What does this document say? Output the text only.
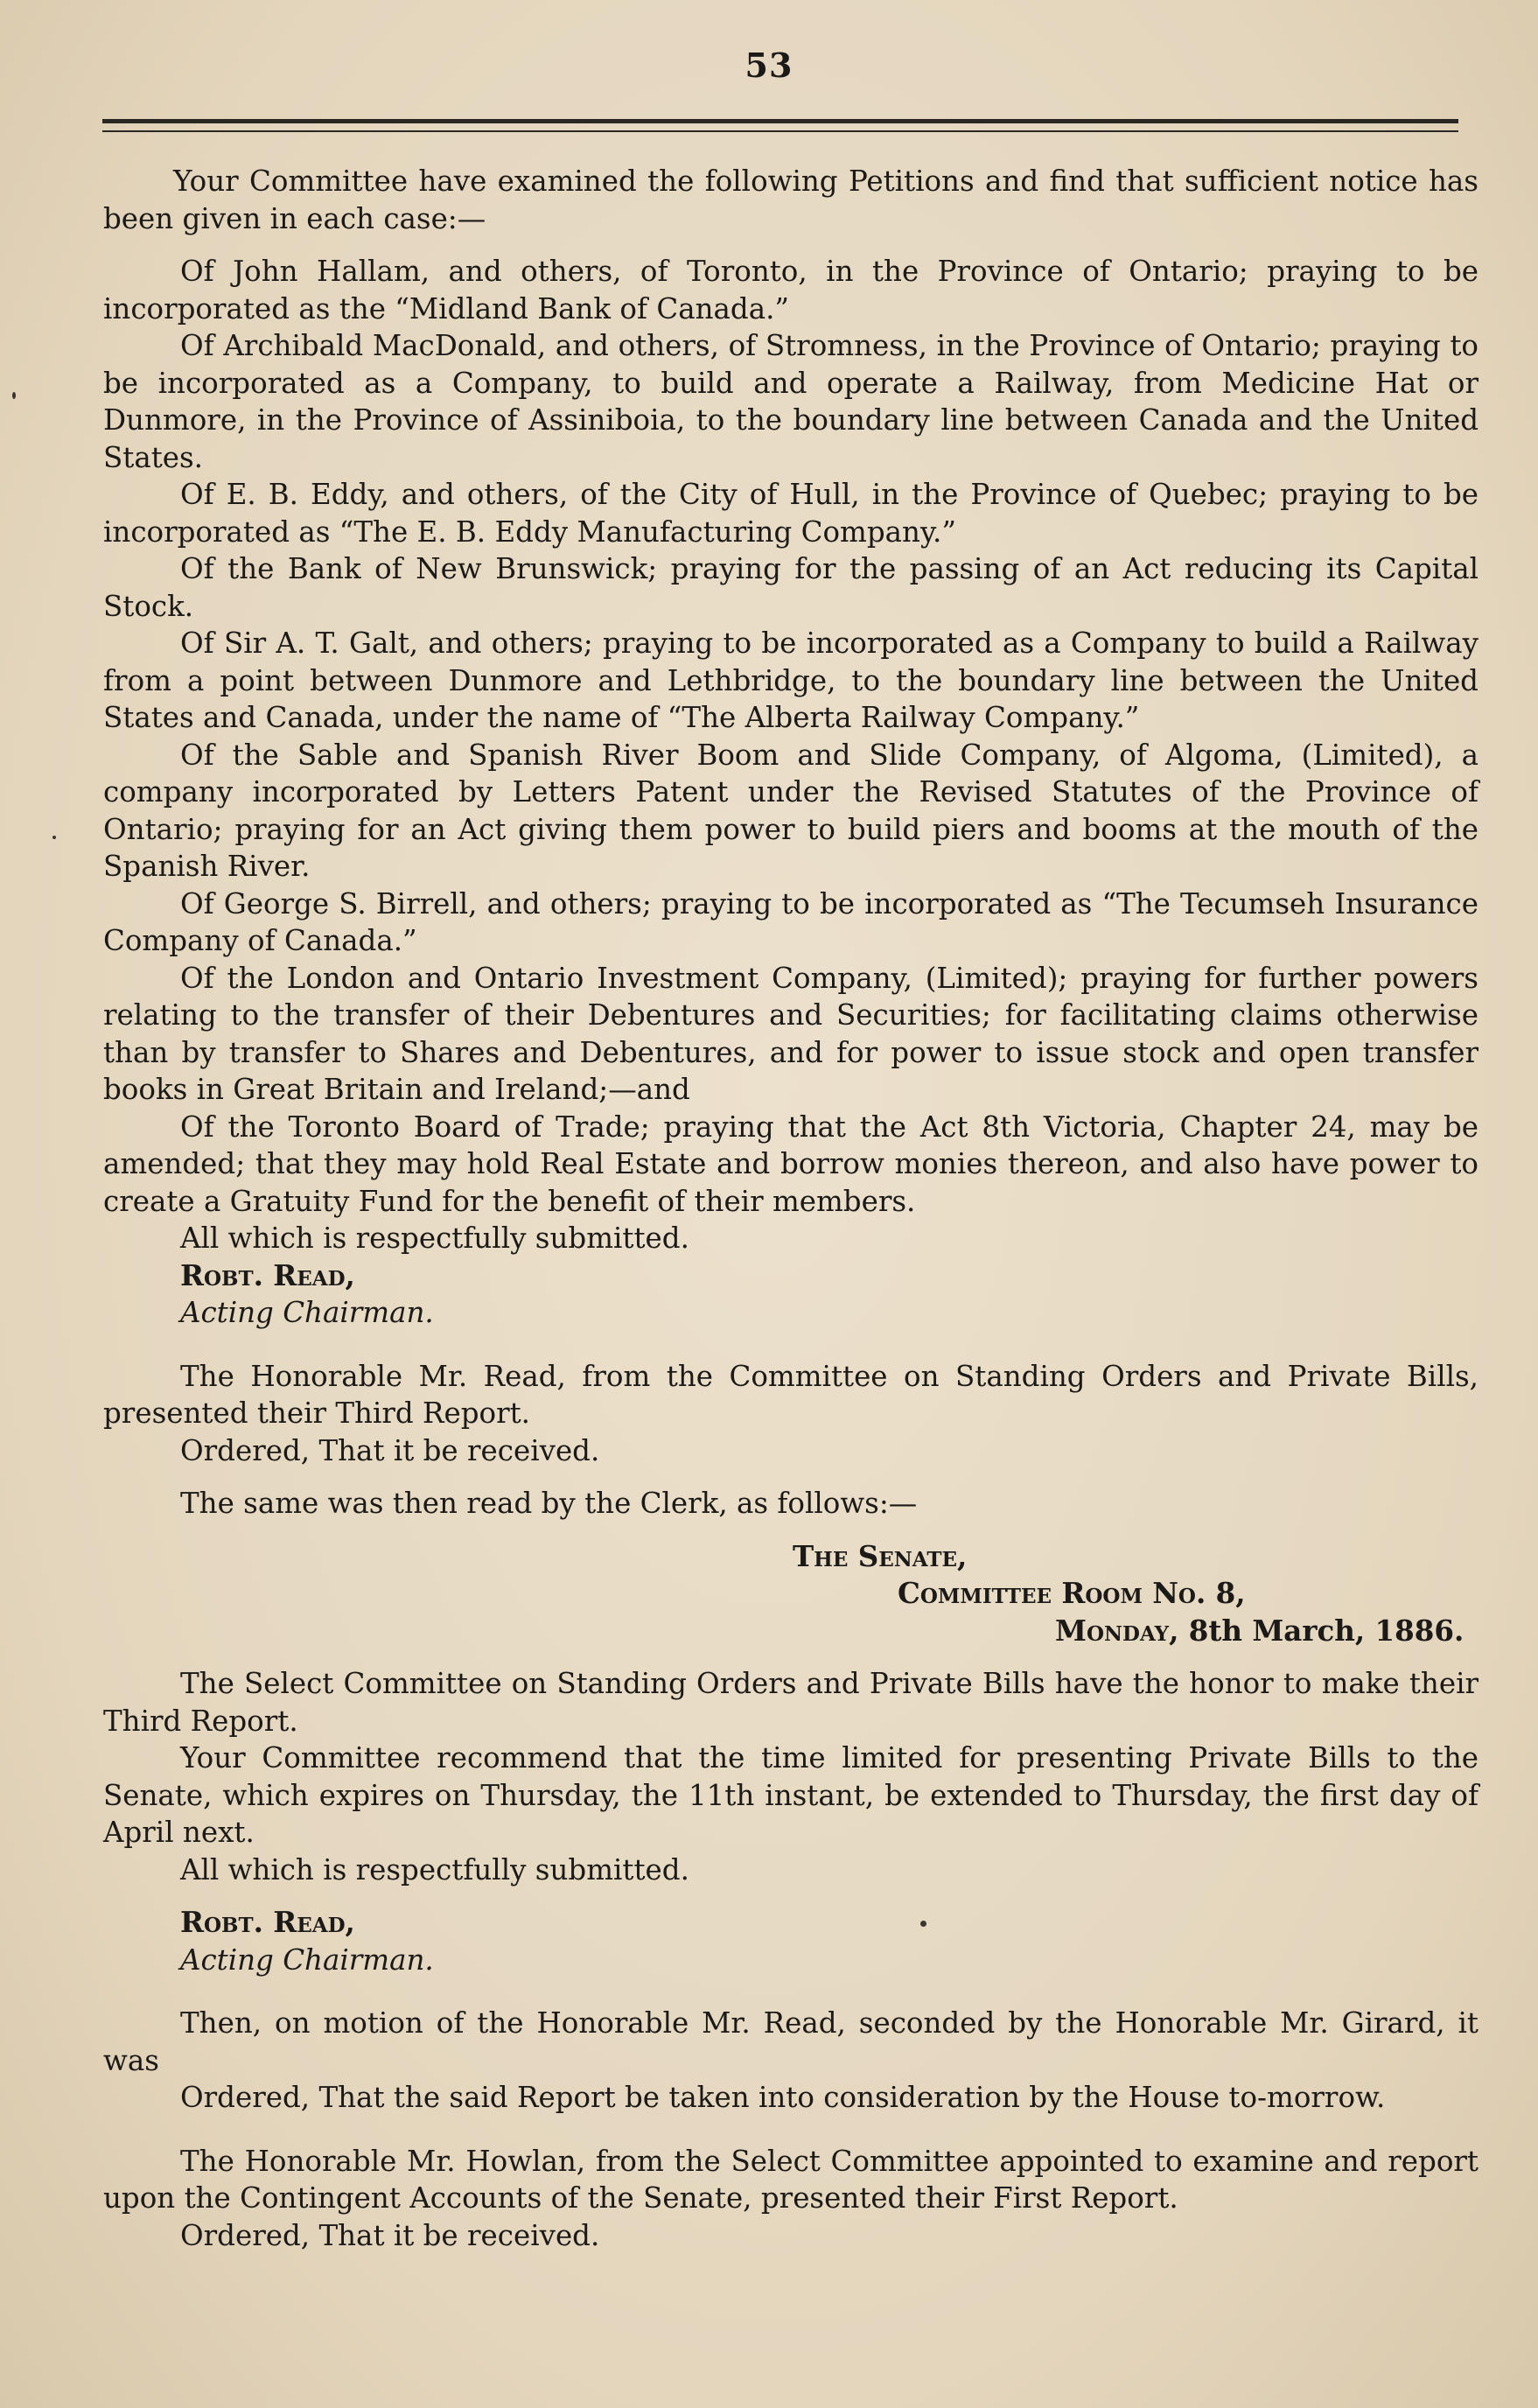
53

Your Committee have examined the following Petitions and find that sufficient notice has been given in each case:—

Of John Hallam, and others, of Toronto, in the Province of Ontario; praying to be incorporated as the “Midland Bank of Canada.”

Of Archibald MacDonald, and others, of Stromness, in the Province of Ontario; praying to be incorporated as a Company, to build and operate a Railway, from Medicine Hat or Dunmore, in the Province of Assiniboia, to the boundary line between Canada and the United States.

Of E. B. Eddy, and others, of the City of Hull, in the Province of Quebec; praying to be incorporated as “The E. B. Eddy Manufacturing Company.”

Of the Bank of New Brunswick; praying for the passing of an Act reducing its Capital Stock.

Of Sir A. T. Galt, and others; praying to be incorporated as a Company to build a Railway from a point between Dunmore and Lethbridge, to the boundary line between the United States and Canada, under the name of “The Alberta Railway Company.”

Of the Sable and Spanish River Boom and Slide Company, of Algoma, (Limited), a company incorporated by Letters Patent under the Revised Statutes of the Province of Ontario; praying for an Act giving them power to build piers and booms at the mouth of the Spanish River.

Of George S. Birrell, and others; praying to be incorporated as “The Tecumseh Insurance Company of Canada.”

Of the London and Ontario Investment Company, (Limited); praying for further powers relating to the transfer of their Debentures and Securities; for facilitating claims otherwise than by transfer to Shares and Debentures, and for power to issue stock and open transfer books in Great Britain and Ireland;—and

Of the Toronto Board of Trade; praying that the Act 8th Victoria, Chapter 24, may be amended; that they may hold Real Estate and borrow monies thereon, and also have power to create a Gratuity Fund for the benefit of their members.

All which is respectfully submitted.

Robt. Read,

Acting Chairman.

The Honorable Mr. Read, from the Committee on Standing Orders and Private Bills, presented their Third Report.

Ordered, That it be received.

The same was then read by the Clerk, as follows:—

The Senate,

Committee Room No. 8,

Monday, 8th March, 1886.

The Select Committee on Standing Orders and Private Bills have the honor to make their Third Report.

Your Committee recommend that the time limited for presenting Private Bills to the Senate, which expires on Thursday, the 11th instant, be extended to Thursday, the first day of April next.

All which is respectfully submitted.

Robt. Read,

Acting Chairman.

Then, on motion of the Honorable Mr. Read, seconded by the Honorable Mr. Girard, it was

Ordered, That the said Report be taken into consideration by the House to-morrow.

The Honorable Mr. Howlan, from the Select Committee appointed to examine and report upon the Contingent Accounts of the Senate, presented their First Report.

Ordered, That it be received.
